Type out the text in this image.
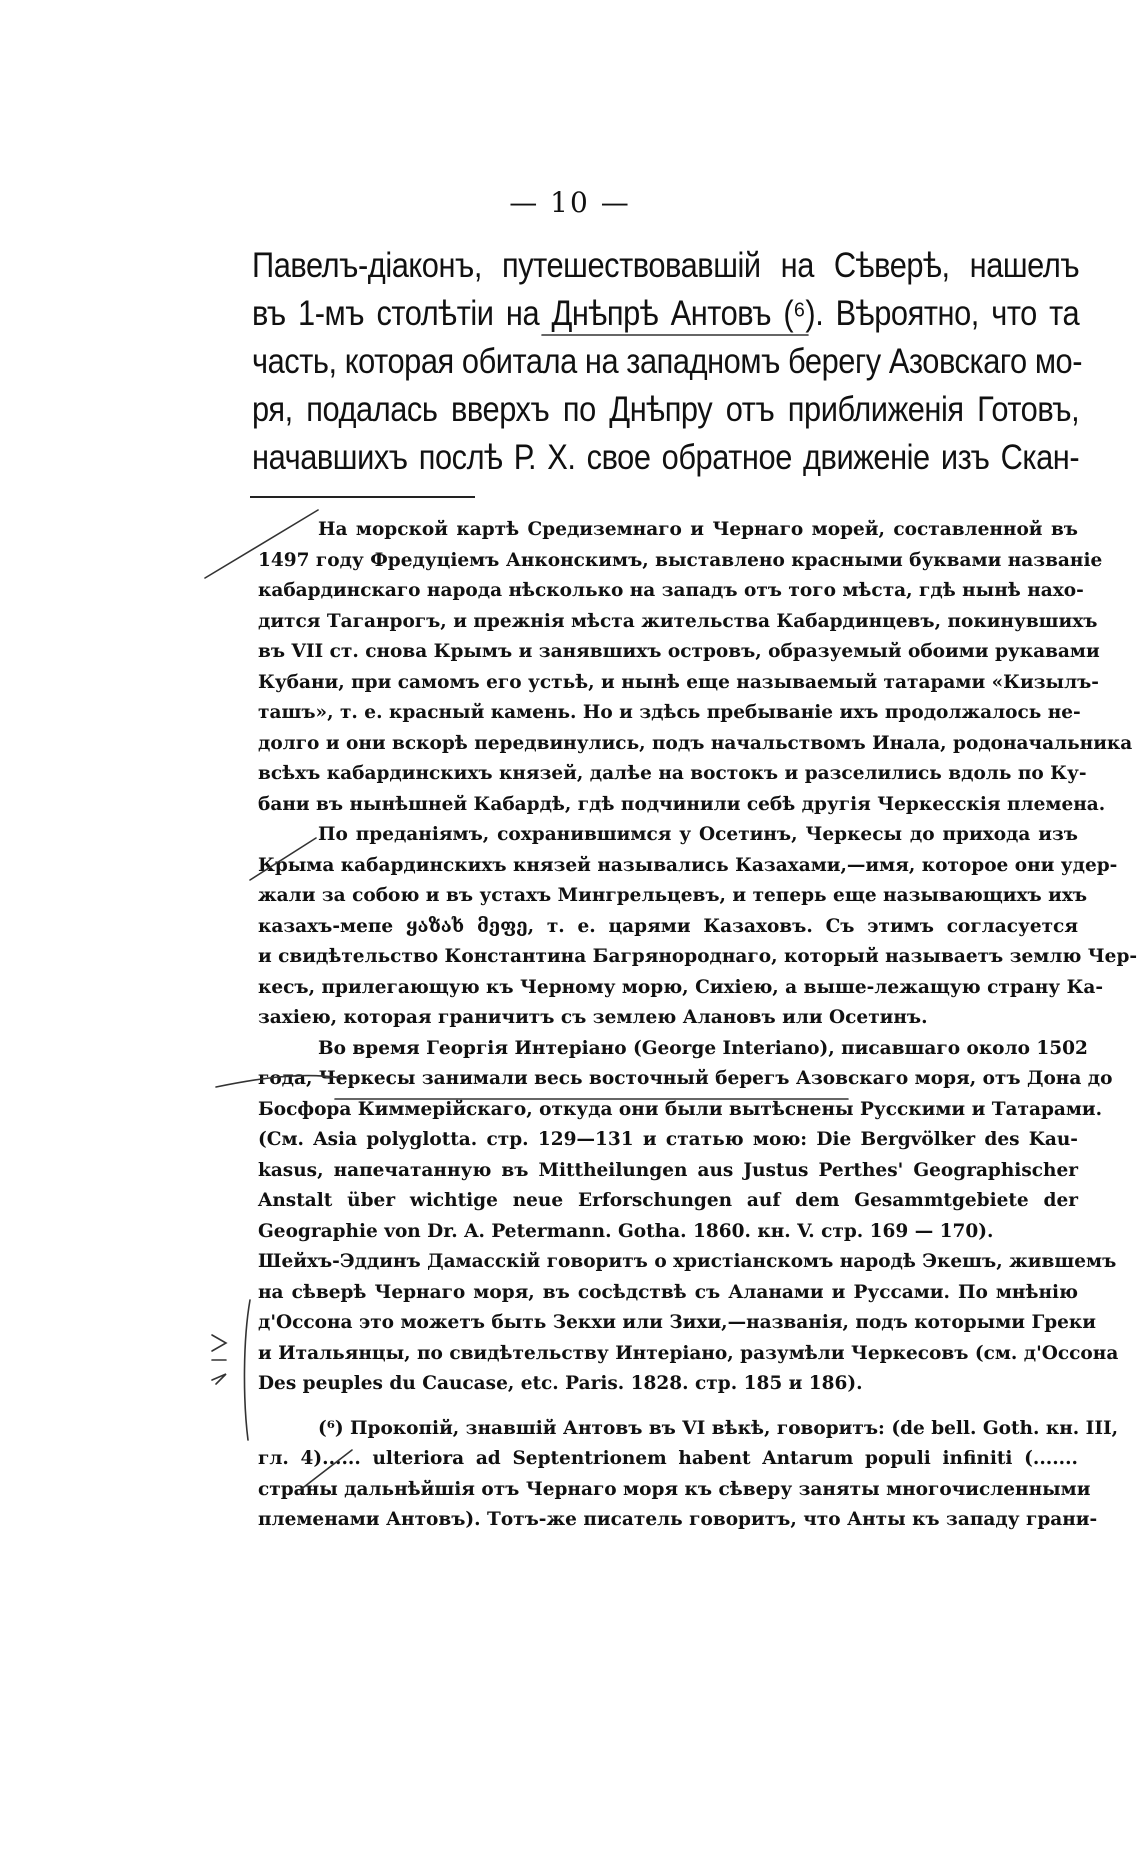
— 10 —
Павелъ-діаконъ, путешествовавшій на Сѣверѣ, нашелъ
въ 1-мъ столѣтіи на Днѣпрѣ Антовъ (⁶). Вѣроятно, что та
часть, которая обитала на западномъ берегу Азовскаго мо-
ря, подалась вверхъ по Днѣпру отъ приближенія Готовъ,
начавшихъ послѣ Р. Х. свое обратное движеніе изъ Скан-
На морской картѣ Средиземнаго и Чернаго морей, составленной въ
1497 году Фредуціемъ Анконскимъ, выставлено красными буквами названіе
кабардинскаго народа нѣсколько на западъ отъ того мѣста, гдѣ нынѣ нахо-
дится Таганрогъ, и прежнія мѣста жительства Кабардинцевъ, покинувшихъ
въ VII ст. снова Крымъ и занявшихъ островъ, образуемый обоими рукавами
Кубани, при самомъ его устьѣ, и нынѣ еще называемый татарами «Кизылъ-
ташъ», т. е. красный камень. Но и здѣсь пребываніе ихъ продолжалось не-
долго и они вскорѣ передвинулись, подъ начальствомъ Инала, родоначальника
всѣхъ кабардинскихъ князей, далѣе на востокъ и разселились вдоль по Ку-
бани въ нынѣшней Кабардѣ, гдѣ подчинили себѣ другія Черкесскія племена.
По преданіямъ, сохранившимся у Осетинъ, Черкесы до прихода изъ
Крыма кабардинскихъ князей назывались Казахами,—имя, которое они удер-
жали за собою и въ устахъ Мингрельцевъ, и теперь еще называющихъ ихъ
казахъ-мепе ყაზახ მეფე, т. е. царями Казаховъ. Съ этимъ согласуется
и свидѣтельство Константина Багрянороднаго, который называетъ землю Чер-
кесъ, прилегающую къ Черному морю, Сихіею, а выше-лежащую страну Ка-
захіею, которая граничитъ съ землею Алановъ или Осетинъ.
Во время Георгія Интеріано (George Interiano), писавшаго около 1502
года, Черкесы занимали весь восточный берегъ Азовскаго моря, отъ Дона до
Босфора Киммерійскаго, откуда они были вытѣснены Русскими и Татарами.
(См. Asia polyglotta. стр. 129—131 и статью мою: Die Bergvölker des Kau-
kasus, напечатанную въ Mittheilungen aus Justus Perthes' Geographischer
Anstalt über wichtige neue Erforschungen auf dem Gesammtgebiete der
Geographie von Dr. A. Petermann. Gotha. 1860. кн. V. стр. 169 — 170).
Шейхъ-Эддинъ Дамасскій говоритъ о христіанскомъ народѣ Экешъ, жившемъ
на сѣверѣ Чернаго моря, въ сосѣдствѣ съ Аланами и Руссами. По мнѣнію
д'Оссона это можетъ быть Зекхи или Зихи,—названія, подъ которыми Греки
и Итальянцы, по свидѣтельству Интеріано, разумѣли Черкесовъ (см. д'Оссона
Des peuples du Caucase, etc. Paris. 1828. стр. 185 и 186).
(⁶) Прокопій, знавшій Антовъ въ VI вѣкѣ, говоритъ: (de bell. Goth. кн. III,
гл. 4)...... ulteriora ad Septentrionem habent Antarum populi infiniti (.......
страны дальнѣйшія отъ Чернаго моря къ сѣверу заняты многочисленными
племенами Антовъ). Тотъ-же писатель говоритъ, что Анты къ западу грани-
